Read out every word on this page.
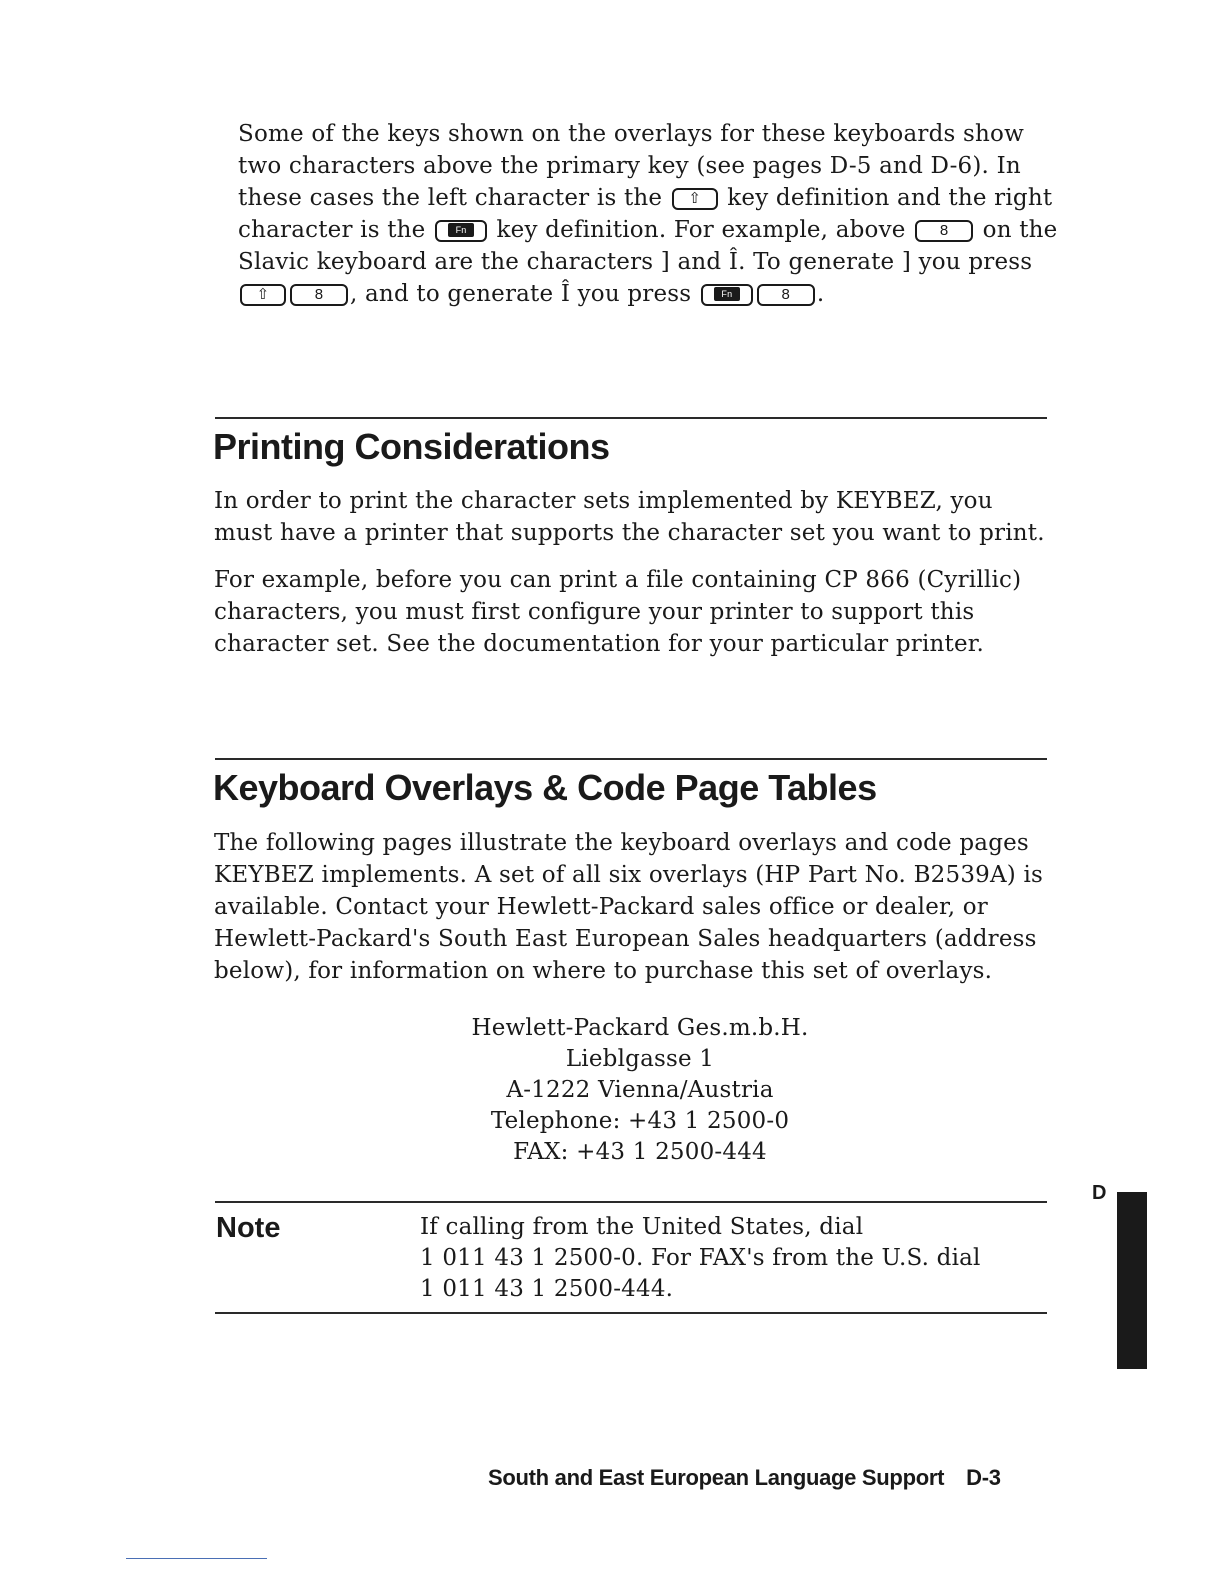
Some of the keys shown on the overlays for these keyboards show two characters above the primary key (see pages D-5 and D-6). In these cases the left character is the ⇧ key definition and the right character is the	Fn key definition. For example, above 8 on the Slavic keyboard are the characters ] and Î. To generate ] you press ⇧	8 , and to generate Î you press	Fn	8 .

Printing Considerations

In order to print the character sets implemented by KEYBEZ, you must have a printer that supports the character set you want to print.

For example, before you can print a file containing CP 866 (Cyrillic) characters, you must first configure your printer to support this character set. See the documentation for your particular printer.

Keyboard Overlays & Code Page Tables

The following pages illustrate the keyboard overlays and code pages KEYBEZ implements. A set of all six overlays (HP Part No. B2539A) is available. Contact your Hewlett-Packard sales office or dealer, or Hewlett-Packard's South East European Sales headquarters (address below), for information on where to purchase this set of overlays.

Hewlett-Packard Ges.m.b.H.
Lieblgasse 1
A-1222 Vienna/Austria
Telephone: +43 1 2500-0
FAX: +43 1 2500-444
Note	If calling from the United States, dial
1 011 43 1 2500-0. For FAX's from the U.S. dial
1 011 43 1 2500-444.
D
South and East European Language Support D-3
